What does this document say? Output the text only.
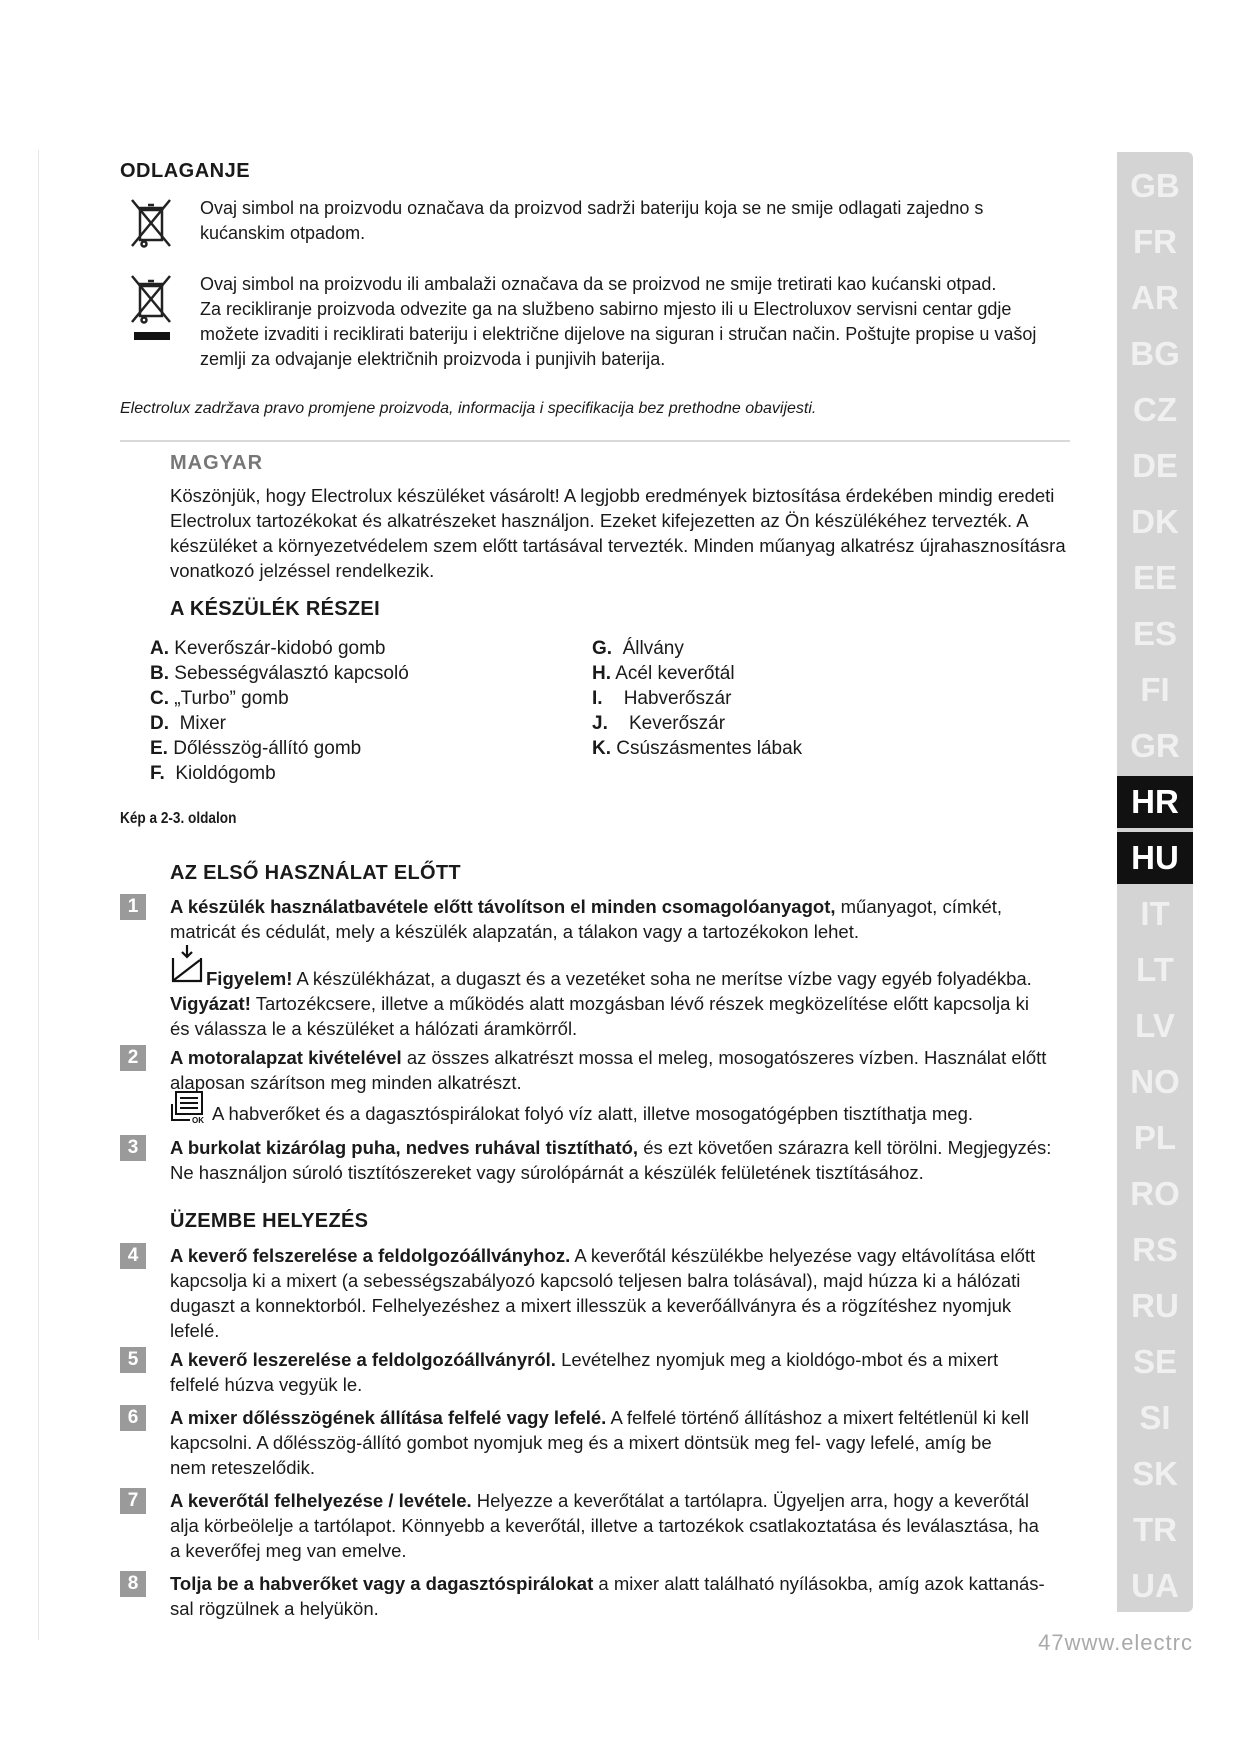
ODLAGANJE
Ovaj simbol na proizvodu označava da proizvod sadrži bateriju koja se ne smije odlagati zajedno s
kućanskim otpadom.
Ovaj simbol na proizvodu ili ambalaži označava da se proizvod ne smije tretirati kao kućanski otpad.
Za recikliranje proizvoda odvezite ga na službeno sabirno mjesto ili u Electroluxov servisni centar gdje
možete izvaditi i reciklirati bateriju i električne dijelove na siguran i stručan način. Poštujte propise u vašoj
zemlji za odvajanje električnih proizvoda i punjivih baterija.
Electrolux zadržava pravo promjene proizvoda, informacija i specifikacija bez prethodne obavijesti.
MAGYAR
Köszönjük, hogy Electrolux készüléket vásárolt! A legjobb eredmények biztosítása érdekében mindig eredeti
Electrolux tartozékokat és alkatrészeket használjon. Ezeket kifejezetten az Ön készülékéhez tervezték. A
készüléket a környezetvédelem szem előtt tartásával tervezték. Minden műanyag alkatrész újrahasznosításra
vonatkozó jelzéssel rendelkezik.
A KÉSZÜLÉK RÉSZEI
A. Keverőszár-kidobó gomb
B. Sebességválasztó kapcsoló
C. „Turbo” gomb
D. Mixer
E. Dőlésszög-állító gomb
F. Kioldógomb
G. Állvány
H. Acél keverőtál
I. Habverőszár
J. Keverőszár
K. Csúszásmentes lábak
Kép a 2-3. oldalon
AZ ELSŐ HASZNÁLAT ELŐTT
1	A készülék használatbavétele előtt távolítson el minden csomagolóanyagot, műanyagot, címkét,
matricát és cédulát, mely a készülék alapzatán, a tálakon vagy a tartozékokon lehet.
Figyelem! A készülékházat, a dugaszt és a vezetéket soha ne merítse vízbe vagy egyéb folyadékba.
Vigyázat! Tartozékcsere, illetve a működés alatt mozgásban lévő részek megközelítése előtt kapcsolja ki
és válassza le a készüléket a hálózati áramkörről.
2	A motoralapzat kivételével az összes alkatrészt mossa el meleg, mosogatószeres vízben. Használat előtt
alaposan szárítson meg minden alkatrészt.
OK A habverőket és a dagasztóspirálokat folyó víz alatt, illetve mosogatógépben tisztíthatja meg.
3	A burkolat kizárólag puha, nedves ruhával tisztítható, és ezt követően szárazra kell törölni. Megjegyzés:
Ne használjon súroló tisztítószereket vagy súrolópárnát a készülék felületének tisztításához.
ÜZEMBE HELYEZÉS
4	A keverő felszerelése a feldolgozóállványhoz. A keverőtál készülékbe helyezése vagy eltávolítása előtt
kapcsolja ki a mixert (a sebességszabályozó kapcsoló teljesen balra tolásával), majd húzza ki a hálózati
dugaszt a konnektorból. Felhelyezéshez a mixert illesszük a keverőállványra és a rögzítéshez nyomjuk
lefelé.
5	A keverő leszerelése a feldolgozóállványról. Levételhez nyomjuk meg a kioldógo-mbot és a mixert
felfelé húzva vegyük le.
6	A mixer dőlésszögének állítása felfelé vagy lefelé. A felfelé történő állításhoz a mixert feltétlenül ki kell
kapcsolni. A dőlésszög-állító gombot nyomjuk meg és a mixert döntsük meg fel- vagy lefelé, amíg be
nem reteszelődik.
7	A keverőtál felhelyezése / levétele. Helyezze a keverőtálat a tartólapra. Ügyeljen arra, hogy a keverőtál
alja körbeölelje a tartólapot. Könnyebb a keverőtál, illetve a tartozékok csatlakoztatása és leválasztása, ha
a keverőfej meg van emelve.
8	Tolja be a habverőket vagy a dagasztóspirálokat a mixer alatt található nyílásokba, amíg azok kattanás-
sal rögzülnek a helyükön.
GB
FR
AR
BG
CZ
DE
DK
EE
ES
FI
GR
HR
HU
IT
LT
LV
NO
PL
RO
RS
RU
SE
SI
SK
TR
UA
47www.electrc
